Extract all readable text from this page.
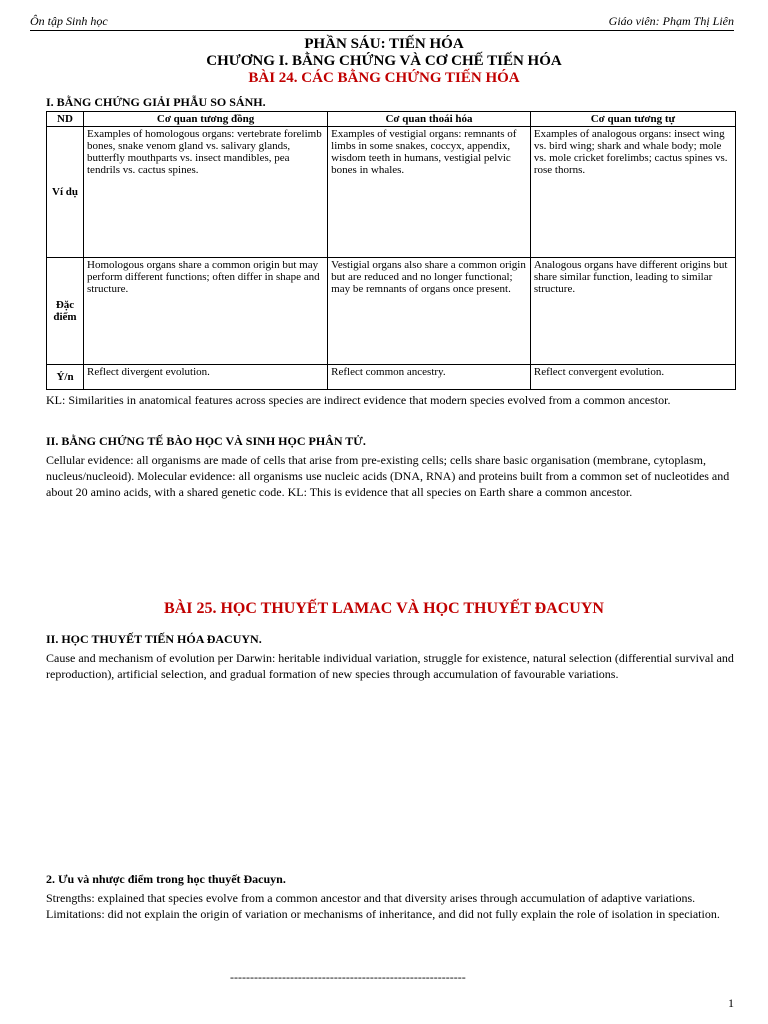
Ôn tập Sinh học	Giáo viên: Phạm Thị Liên
PHẦN SÁU: TIẾN HÓA
CHƯƠNG I. BẰNG CHỨNG VÀ CƠ CHẾ TIẾN HÓA
BÀI 24. CÁC BẰNG CHỨNG TIẾN HÓA
I. BẰNG CHỨNG GIẢI PHẪU SO SÁNH.
ND	Cơ quan tương đồng	Cơ quan thoái hóa	Cơ quan tương tự
Ví dụ	Examples of homologous organs: vertebrate forelimb bones, snake venom gland vs. salivary glands, butterfly mouthparts vs. insect mandibles, pea tendrils vs. cactus spines.	Examples of vestigial organs: remnants of limbs in some snakes, coccyx, appendix, wisdom teeth in humans, vestigial pelvic bones in whales.	Examples of analogous organs: insect wing vs. bird wing; shark and whale body; mole vs. mole cricket forelimbs; cactus spines vs. rose thorns.
Đặc điểm	Homologous organs share a common origin but may perform different functions; often differ in shape and structure.	Vestigial organs also share a common origin but are reduced and no longer functional; may be remnants of organs once present.	Analogous organs have different origins but share similar function, leading to similar structure.
Ý/n	Reflect divergent evolution.	Reflect common ancestry.	Reflect convergent evolution.
KL: Similarities in anatomical features across species are indirect evidence that modern species evolved from a common ancestor.
II. BẰNG CHỨNG TẾ BÀO HỌC VÀ SINH HỌC PHÂN TỬ.
Cellular evidence: all organisms are made of cells that arise from pre-existing cells; cells share basic organisation (membrane, cytoplasm, nucleus/nucleoid). Molecular evidence: all organisms use nucleic acids (DNA, RNA) and proteins built from a common set of nucleotides and about 20 amino acids, with a shared genetic code. KL: This is evidence that all species on Earth share a common ancestor.
BÀI 25. HỌC THUYẾT LAMAC VÀ HỌC THUYẾT ĐACUYN
II. HỌC THUYẾT TIẾN HÓA ĐACUYN.
Cause and mechanism of evolution per Darwin: heritable individual variation, struggle for existence, natural selection (differential survival and reproduction), artificial selection, and gradual formation of new species through accumulation of favourable variations.
2. Ưu và nhược điểm trong học thuyết Đacuyn.
Strengths: explained that species evolve from a common ancestor and that diversity arises through accumulation of adaptive variations. Limitations: did not explain the origin of variation or mechanisms of inheritance, and did not fully explain the role of isolation in speciation.
-----------------------------------------------------------
1
